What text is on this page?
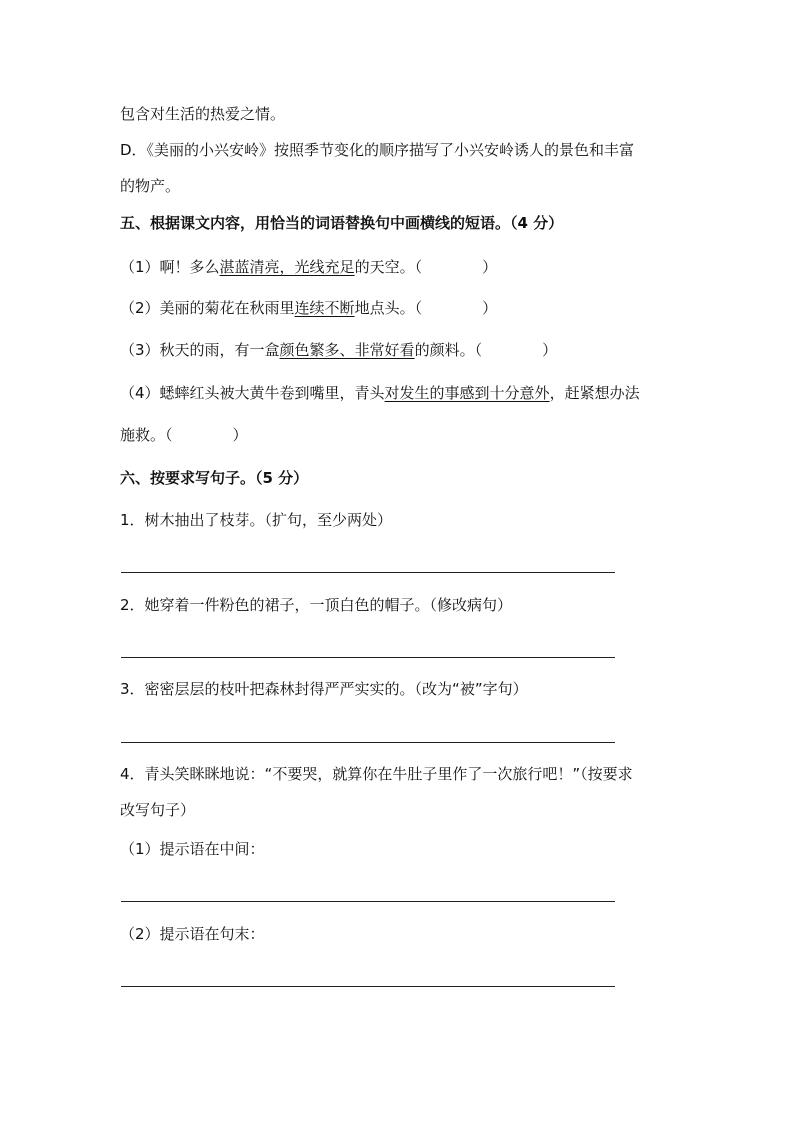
包含对生活的热爱之情。
D．《美丽的小兴安岭》按照季节变化的顺序描写了小兴安岭诱人的景色和丰富
的物产。
五、根据课文内容，用恰当的词语替换句中画横线的短语。（4 分）
（1）啊！多么湛蓝清亮，光线充足的天空。（　　　　）
（2）美丽的菊花在秋雨里连续不断地点头。（　　　　）
（3）秋天的雨，有一盒颜色繁多、非常好看的颜料。（　　　　）
（4）蟋蟀红头被大黄牛卷到嘴里，青头对发生的事感到十分意外，赶紧想办法
施救。（　　　　）
六、按要求写句子。（5 分）
1．树木抽出了枝芽。（扩句，至少两处）
2．她穿着一件粉色的裙子，一顶白色的帽子。（修改病句）
3．密密层层的枝叶把森林封得严严实实的。（改为“被”字句）
4．青头笑眯眯地说：“不要哭，就算你在牛肚子里作了一次旅行吧！”（按要求
改写句子）
（1）提示语在中间：
（2）提示语在句末：
